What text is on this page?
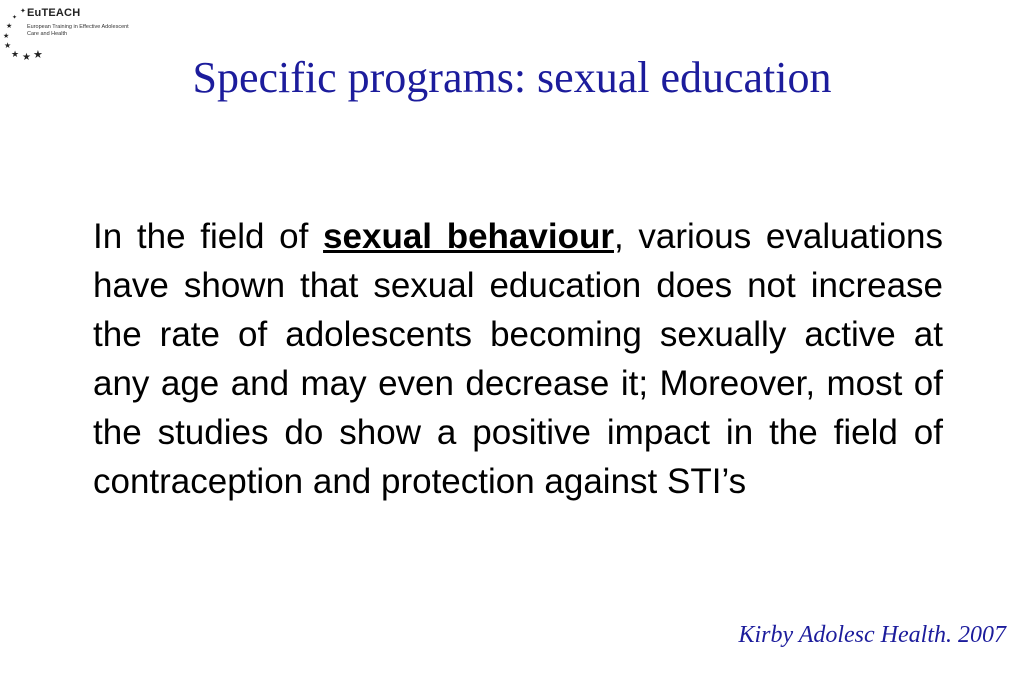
✦
✦
★
★
★
★ ★ ★
EuTEACH
European Training in Effective Adolescent
Care and Health
Specific programs: sexual education

In the field of sexual behaviour, various evaluations have shown that sexual education does not increase the rate of adolescents becoming sexually active at any age and may even decrease it; Moreover, most of the studies do show a positive impact in the field of contraception and protection against STI’s

Kirby Adolesc Health. 2007
